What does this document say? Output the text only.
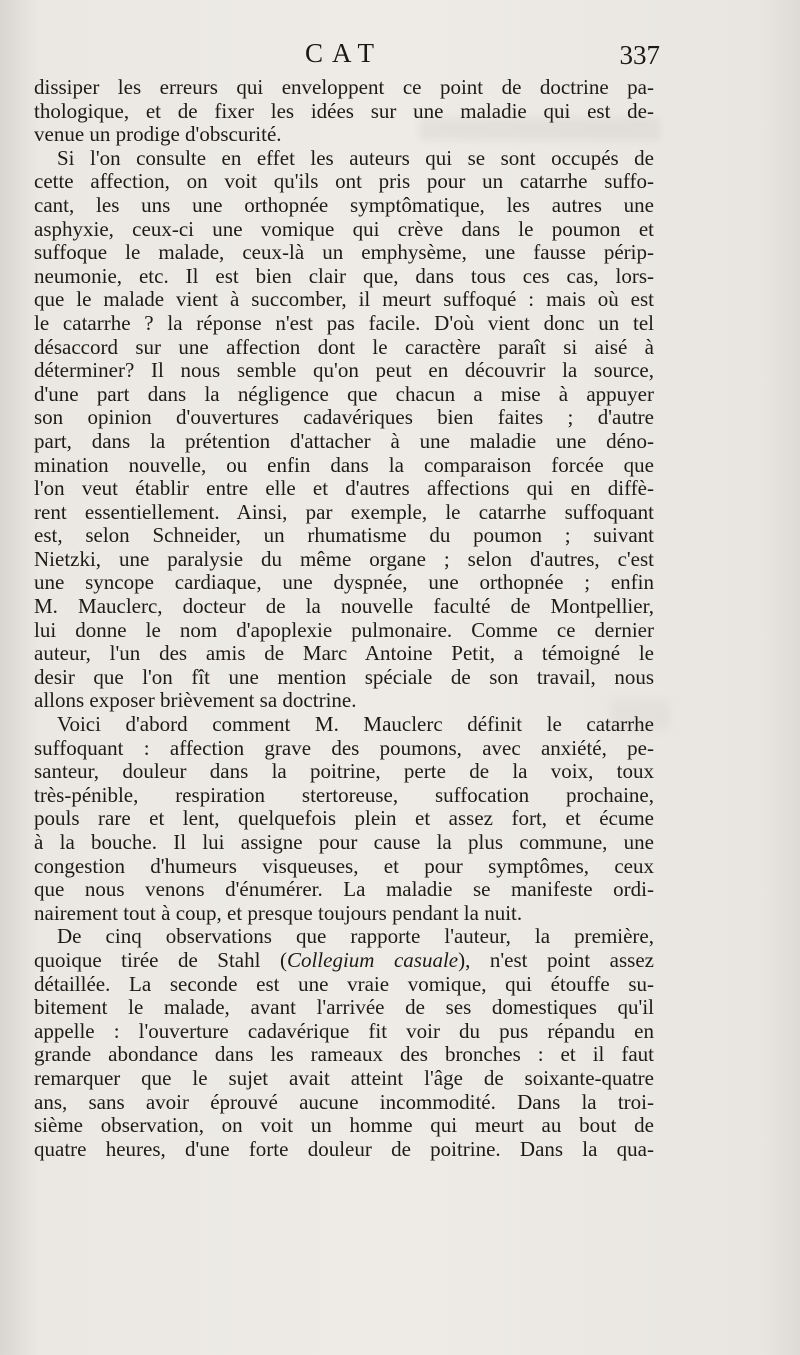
CAT	337
dissiper les erreurs qui enveloppent ce point de doctrine pa-
thologique, et de fixer les idées sur une maladie qui est de-
venue un prodige d'obscurité.
Si l'on consulte en effet les auteurs qui se sont occupés de
cette affection, on voit qu'ils ont pris pour un catarrhe suffo-
cant, les uns une orthopnée symptômatique, les autres une
asphyxie, ceux-ci une vomique qui crève dans le poumon et
suffoque le malade, ceux-là un emphysème, une fausse périp-
neumonie, etc. Il est bien clair que, dans tous ces cas, lors-
que le malade vient à succomber, il meurt suffoqué : mais où est
le catarrhe ? la réponse n'est pas facile. D'où vient donc un tel
désaccord sur une affection dont le caractère paraît si aisé à
déterminer? Il nous semble qu'on peut en découvrir la source,
d'une part dans la négligence que chacun a mise à appuyer
son opinion d'ouvertures cadavériques bien faites ; d'autre
part, dans la prétention d'attacher à une maladie une déno-
mination nouvelle, ou enfin dans la comparaison forcée que
l'on veut établir entre elle et d'autres affections qui en diffè-
rent essentiellement. Ainsi, par exemple, le catarrhe suffoquant
est, selon Schneider, un rhumatisme du poumon ; suivant
Nietzki, une paralysie du même organe ; selon d'autres, c'est
une syncope cardiaque, une dyspnée, une orthopnée ; enfin
M. Mauclerc, docteur de la nouvelle faculté de Montpellier,
lui donne le nom d'apoplexie pulmonaire. Comme ce dernier
auteur, l'un des amis de Marc Antoine Petit, a témoigné le
desir que l'on fît une mention spéciale de son travail, nous
allons exposer brièvement sa doctrine.
Voici d'abord comment M. Mauclerc définit le catarrhe
suffoquant : affection grave des poumons, avec anxiété, pe-
santeur, douleur dans la poitrine, perte de la voix, toux
très-pénible, respiration stertoreuse, suffocation prochaine,
pouls rare et lent, quelquefois plein et assez fort, et écume
à la bouche. Il lui assigne pour cause la plus commune, une
congestion d'humeurs visqueuses, et pour symptômes, ceux
que nous venons d'énumérer. La maladie se manifeste ordi-
nairement tout à coup, et presque toujours pendant la nuit.
De cinq observations que rapporte l'auteur, la première,
quoique tirée de Stahl (Collegium casuale), n'est point assez
détaillée. La seconde est une vraie vomique, qui étouffe su-
bitement le malade, avant l'arrivée de ses domestiques qu'il
appelle : l'ouverture cadavérique fit voir du pus répandu en
grande abondance dans les rameaux des bronches : et il faut
remarquer que le sujet avait atteint l'âge de soixante-quatre
ans, sans avoir éprouvé aucune incommodité. Dans la troi-
sième observation, on voit un homme qui meurt au bout de
quatre heures, d'une forte douleur de poitrine. Dans la qua-
